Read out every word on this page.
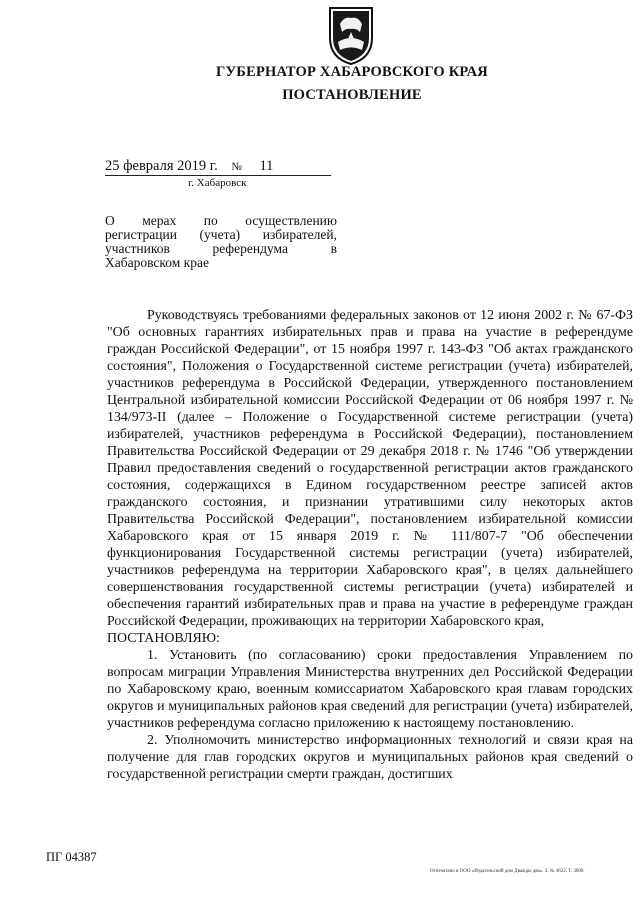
ГУБЕРНАТОР ХАБАРОВСКОГО КРАЯ
ПОСТАНОВЛЕНИЕ
25 февраля 2019 г. № 11
г. Хабаровск
О мерах по осуществлению регистрации (учета) избирателей, участников референдума в Хабаровском крае

Руководствуясь требованиями федеральных законов от 12 июня 2002 г. № 67-ФЗ "Об основных гарантиях избирательных прав и права на участие в референдуме граждан Российской Федерации", от 15 ноября 1997 г. 143-ФЗ "Об актах гражданского состояния", Положения о Государственной системе регистрации (учета) избирателей, участников референдума в Российской Федерации, утвержденного постановлением Центральной избирательной комиссии Российской Федерации от 06 ноября 1997 г. № 134/973-II (далее – Положение о Государственной системе регистрации (учета) избирателей, участников референдума в Российской Федерации), постановлением Правительства Российской Федерации от 29 декабря 2018 г. № 1746 "Об утверждении Правил предоставления сведений о государственной регистрации актов гражданского состояния, содержащихся в Едином государственном реестре записей актов гражданского состояния, и признании утратившими силу некоторых актов Правительства Российской Федерации", постановлением избирательной комиссии Хабаровского края от 15 января 2019 г. № 111/807-7 "Об обеспечении функционирования Государственной системы регистрации (учета) избирателей, участников референдума на территории Хабаровского края", в целях дальнейшего совершенствования государственной системы регистрации (учета) избирателей и обеспечения гарантий избирательных прав и права на участие в референдуме граждан Российской Федерации, проживающих на территории Хабаровского края,

ПОСТАНОВЛЯЮ:

1. Установить (по согласованию) сроки предоставления Управлением по вопросам миграции Управления Министерства внутренних дел Российской Федерации по Хабаровскому краю, военным комиссариатом Хабаровского края главам городских округов и муниципальных районов края сведений для регистрации (учета) избирателей, участников референдума согласно приложению к настоящему постановлению.

2. Уполномочить министерство информационных технологий и связи края на получение для глав городских округов и муниципальных районов края сведений о государственной регистрации смерти граждан, достигших

ПГ 04387
Отпечатано в ООО «Издательский дом Дважды два». З. № 4622. Т. 3000.
